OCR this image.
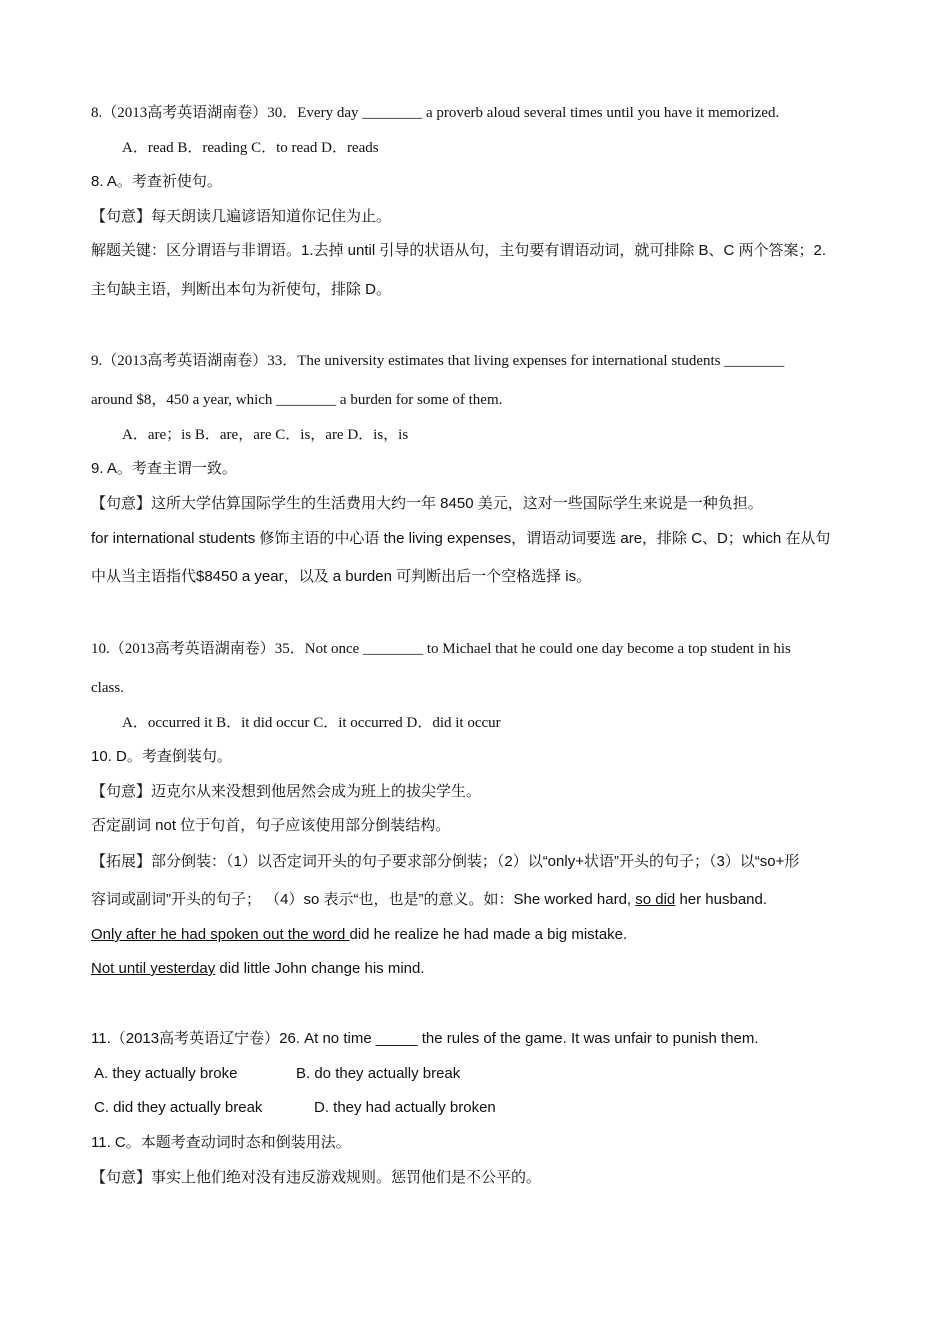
8.（2013高考英语湖南卷）30．Every day ________ a proverb aloud several times until you have it memorized.
A．read B．reading C．to read D．reads
8. A。考查祈使句。
【句意】每天朗读几遍谚语知道你记住为止。
解题关键：区分谓语与非谓语。1.去掉 until 引导的状语从句，主句要有谓语动词，就可排除 B、C 两个答案；2.
主句缺主语，判断出本句为祈使句，排除 D。
9.（2013高考英语湖南卷）33．The university estimates that living expenses for international students ________
around $8，450 a year, which ________ a burden for some of them.
A．are；is B．are，are C．is，are D．is，is
9. A。考查主谓一致。
【句意】这所大学估算国际学生的生活费用大约一年 8450 美元，这对一些国际学生来说是一种负担。
for international students 修饰主语的中心语 the living expenses，谓语动词要选 are，排除 C、D；which 在从句
中从当主语指代$8450 a year，以及 a burden 可判断出后一个空格选择 is。
10.（2013高考英语湖南卷）35．Not once ________ to Michael that he could one day become a top student in his
class.
A．occurred it B．it did occur C．it occurred D．did it occur
10. D。考查倒装句。
【句意】迈克尔从来没想到他居然会成为班上的拔尖学生。
否定副词 not 位于句首，句子应该使用部分倒装结构。
【拓展】部分倒装：（1）以否定词开头的句子要求部分倒装；（2）以“only+状语”开头的句子；（3）以“so+形
容词或副词”开头的句子； （4）so 表示“也，也是”的意义。如：She worked hard, so did her husband.
Only after he had spoken out the word did he realize he had made a big mistake.
Not until yesterday did little John change his mind.
11.（2013高考英语辽宁卷）26. At no time _____ the rules of the game. It was unfair to punish them.
A. they actually broke	B. do they actually break
C. did they actually break	D. they had actually broken
11. C。本题考查动词时态和倒装用法。
【句意】事实上他们绝对没有违反游戏规则。惩罚他们是不公平的。
